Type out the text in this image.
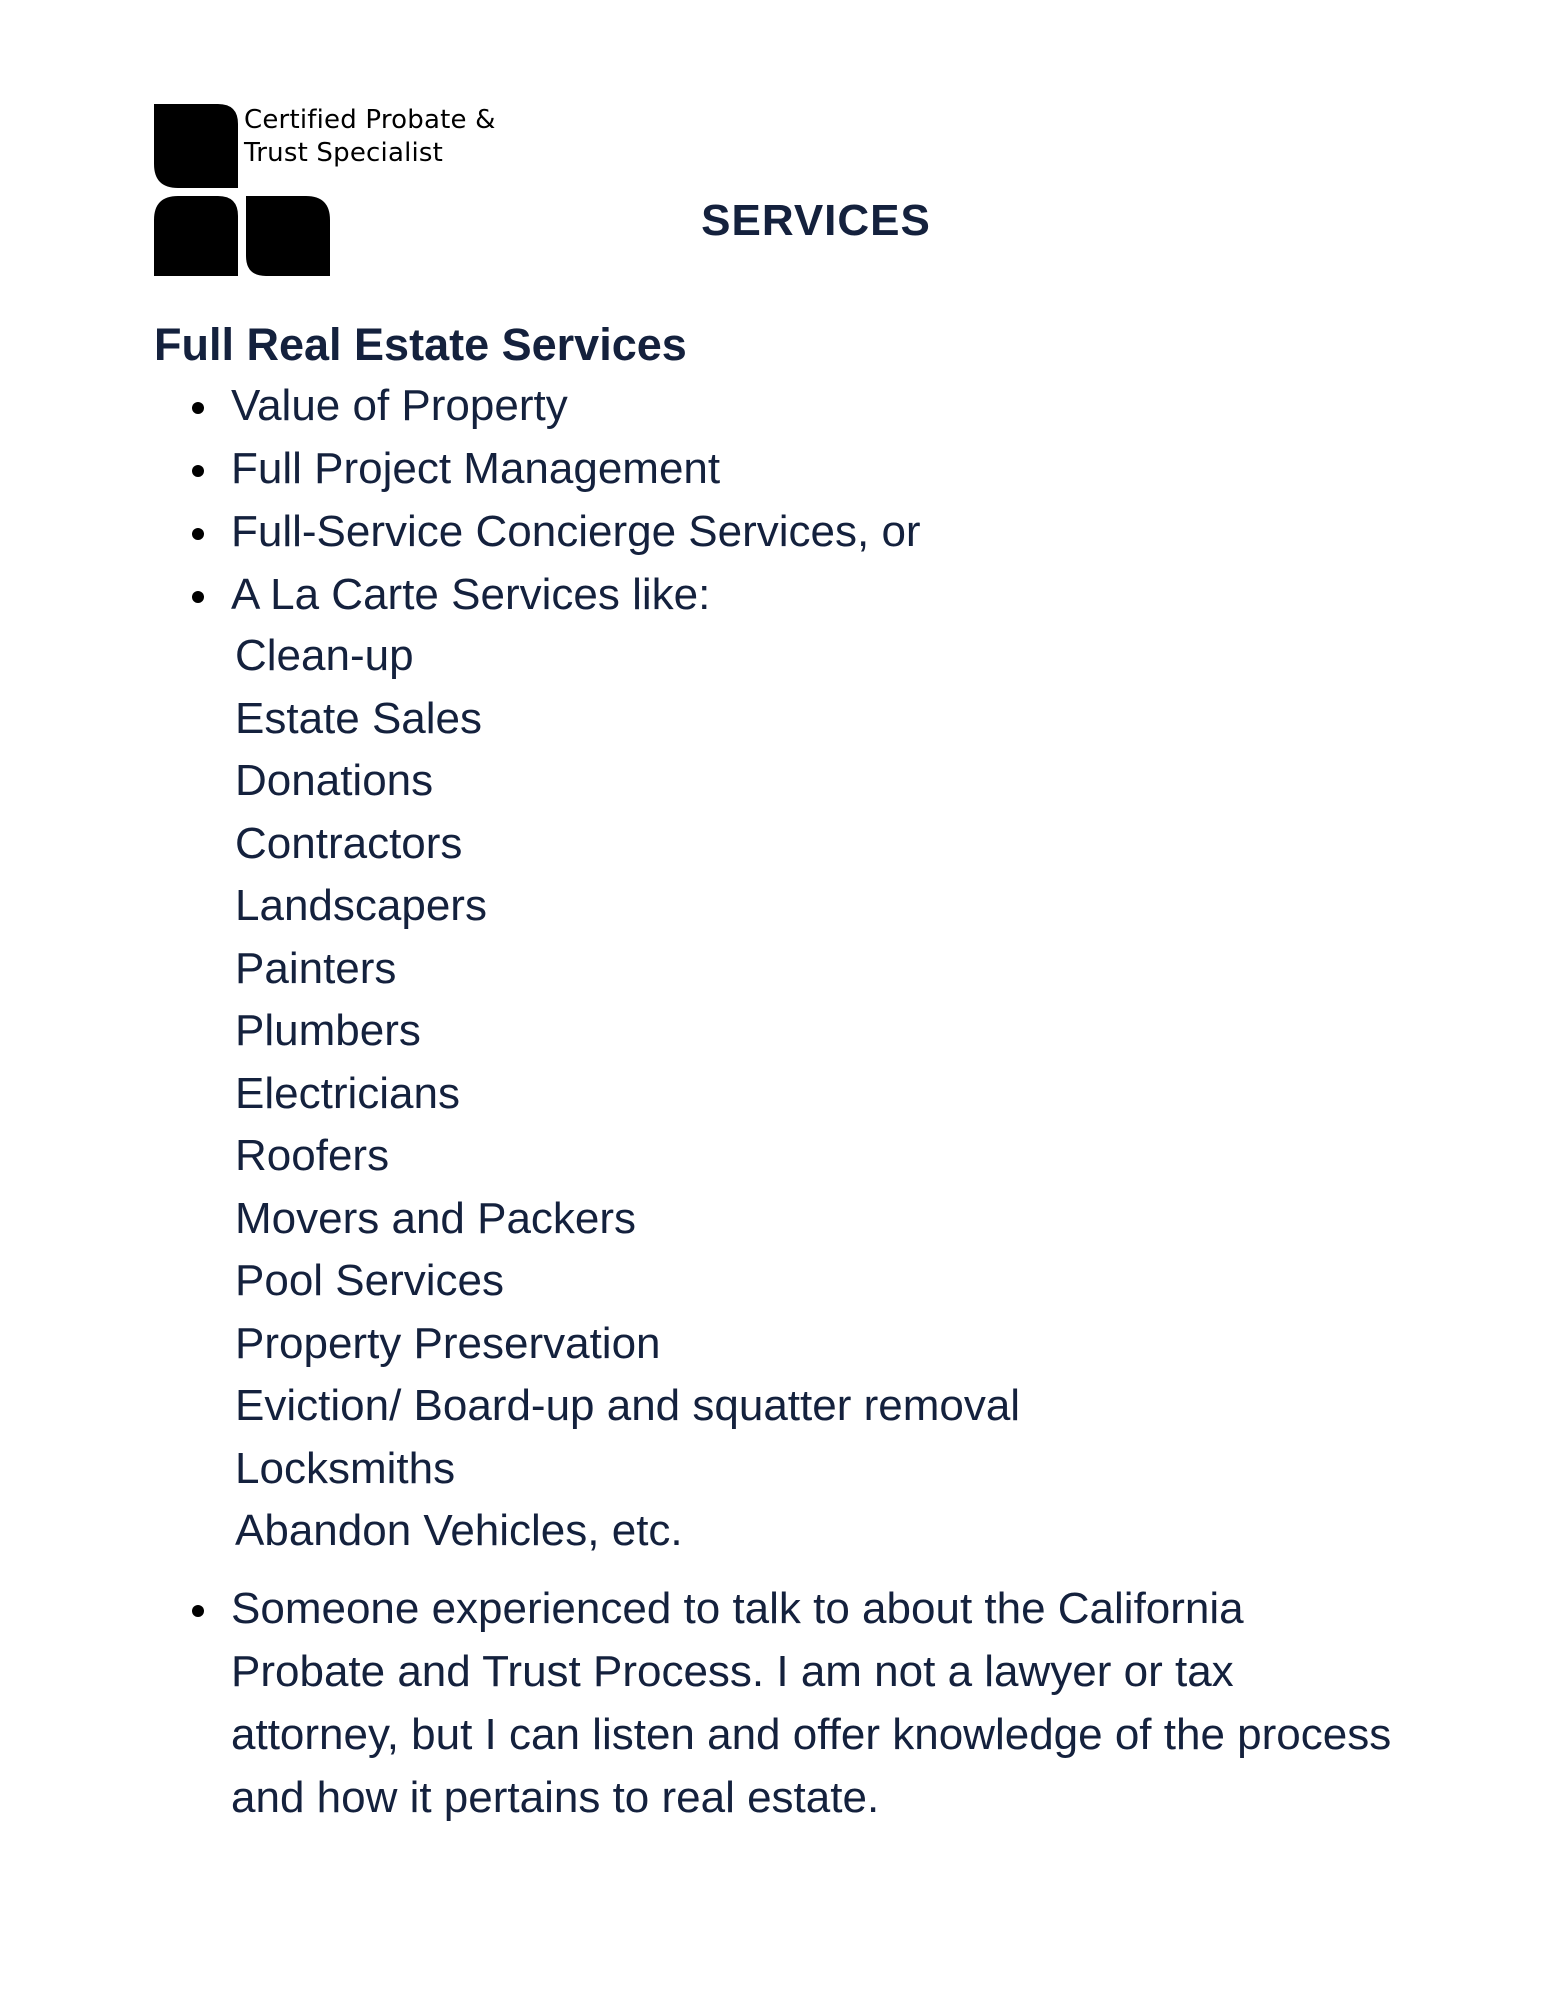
Certified Probate &
Trust Specialist
SERVICES
Full Real Estate Services
Value of Property
Full Project Management
Full-Service Concierge Services, or
A La Carte Services like:
Clean-up
Estate Sales
Donations
Contractors
Landscapers
Painters
Plumbers
Electricians
Roofers
Movers and Packers
Pool Services
Property Preservation
Eviction/ Board-up and squatter removal
Locksmiths
Abandon Vehicles, etc.
Someone experienced to talk to about the California Probate and Trust Process. I am not a lawyer or tax attorney, but I can listen and offer knowledge of the process and how it pertains to real estate.
